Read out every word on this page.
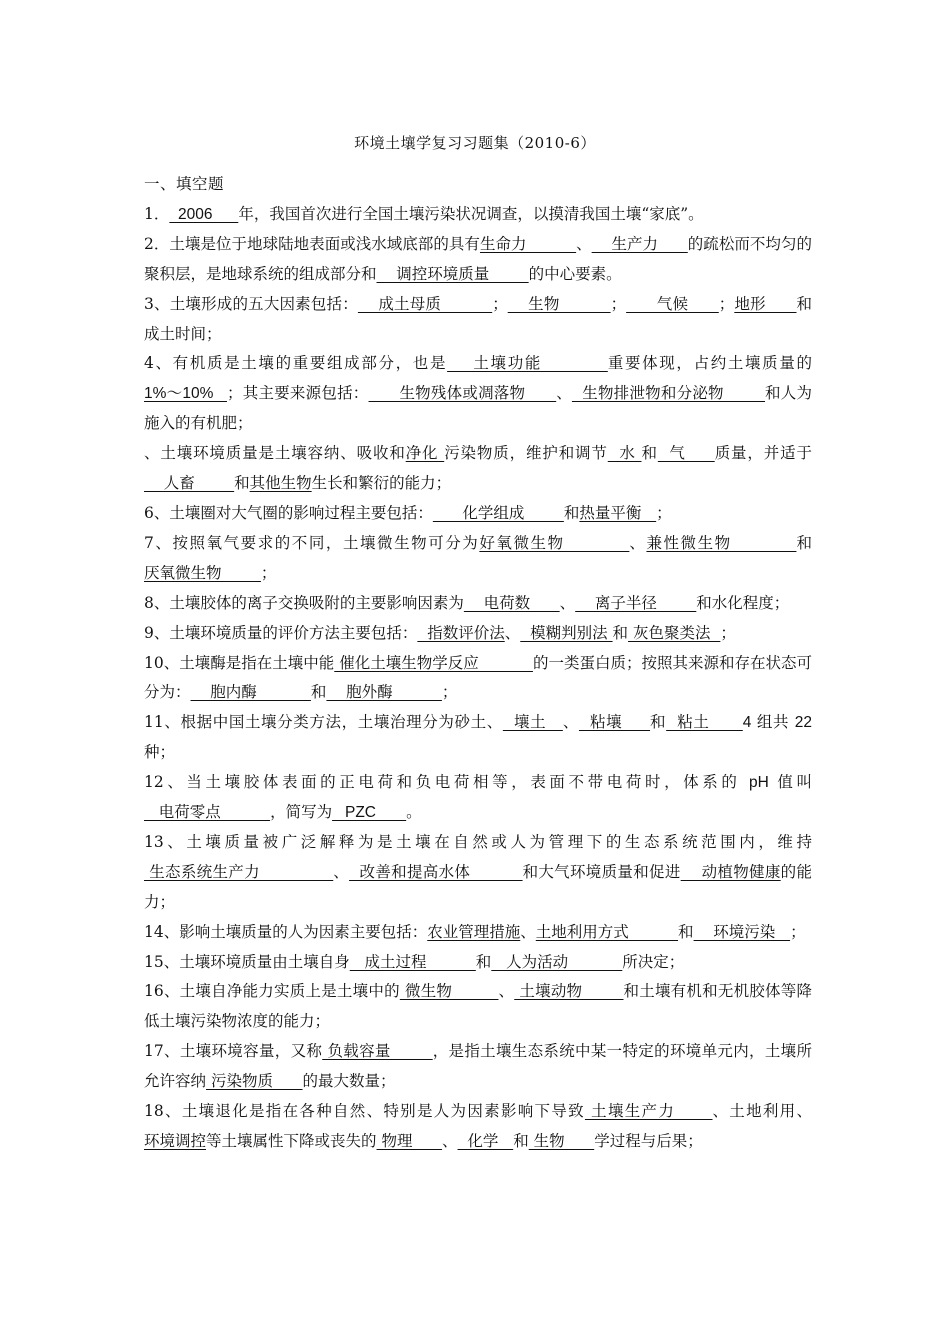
环境土壤学复习习题集（2010-6）

一、填空题

1．  2006      年，我国首次进行全国土壤污染状况调查，以摸清我国土壤“家底”。

2．土壤是位于地球陆地表面或浅水域底部的具有生命力          、    生产力      的疏松而不均匀的聚积层，是地球系统的组成部分和    调控环境质量        的中心要素。

3、土壤形成的五大因素包括：    成土母质          ；    生物          ；      气候      ；地形      和成土时间；

4、有机质是土壤的重要组成部分，也是    土壤功能          重要体现，占约土壤质量的1%～10%   ；其主要来源包括：      生物残体或凋落物      、  生物排泄物和分泌物        和人为施入的有机肥；

、土壤环境质量是土壤容纳、吸收和净化 污染物质，维护和调节  水 和  气     质量，并适于    人畜        和其他生物生长和繁衍的能力；

6、土壤圈对大气圈的影响过程主要包括：      化学组成        和热量平衡   ；

7、按照氧气要求的不同，土壤微生物可分为好氧微生物          、兼性微生物          和厌氧微生物        ；

8、土壤胶体的离子交换吸附的主要影响因素为    电荷数      、    离子半径        和水化程度；

9、土壤环境质量的评价方法主要包括：  指数评价法、  模糊判别法 和 灰色聚类法  ；

10、土壤酶是指在土壤中能 催化土壤生物学反应           的一类蛋白质；按照其来源和存在状态可分为：    胞内酶           和    胞外酶          ；

11、根据中国土壤分类方法，土壤治理分为砂土、  壤土   、  粘壤     和  粘土      4 组共 22 种；

12、当土壤胶体表面的正电荷和负电荷相等，表面不带电荷时，体系的 pH 值叫   电荷零点          ，简写为   PZC       。

13、土壤质量被广泛解释为是土壤在自然或人为管理下的生态系统范围内，维持 生态系统生产力              、  改善和提高水体          和大气环境质量和促进    动植物健康的能力；

14、影响土壤质量的人为因素主要包括：农业管理措施、土地利用方式          和    环境污染   ；

15、土壤环境质量由土壤自身   成土过程          和   人为活动           所决定；

16、土壤自净能力实质上是土壤中的 微生物         、 土壤动物        和土壤有机和无机胶体等降低土壤污染物浓度的能力；

17、土壤环境容量，又称 负载容量        ，是指土壤生态系统中某一特定的环境单元内，土壤所允许容纳 污染物质      的最大数量；

18、土壤退化是指在各种自然、特别是人为因素影响下导致 土壤生产力      、土地利用、环境调控等土壤属性下降或丧失的 物理      、  化学   和 生物      学过程与后果；
